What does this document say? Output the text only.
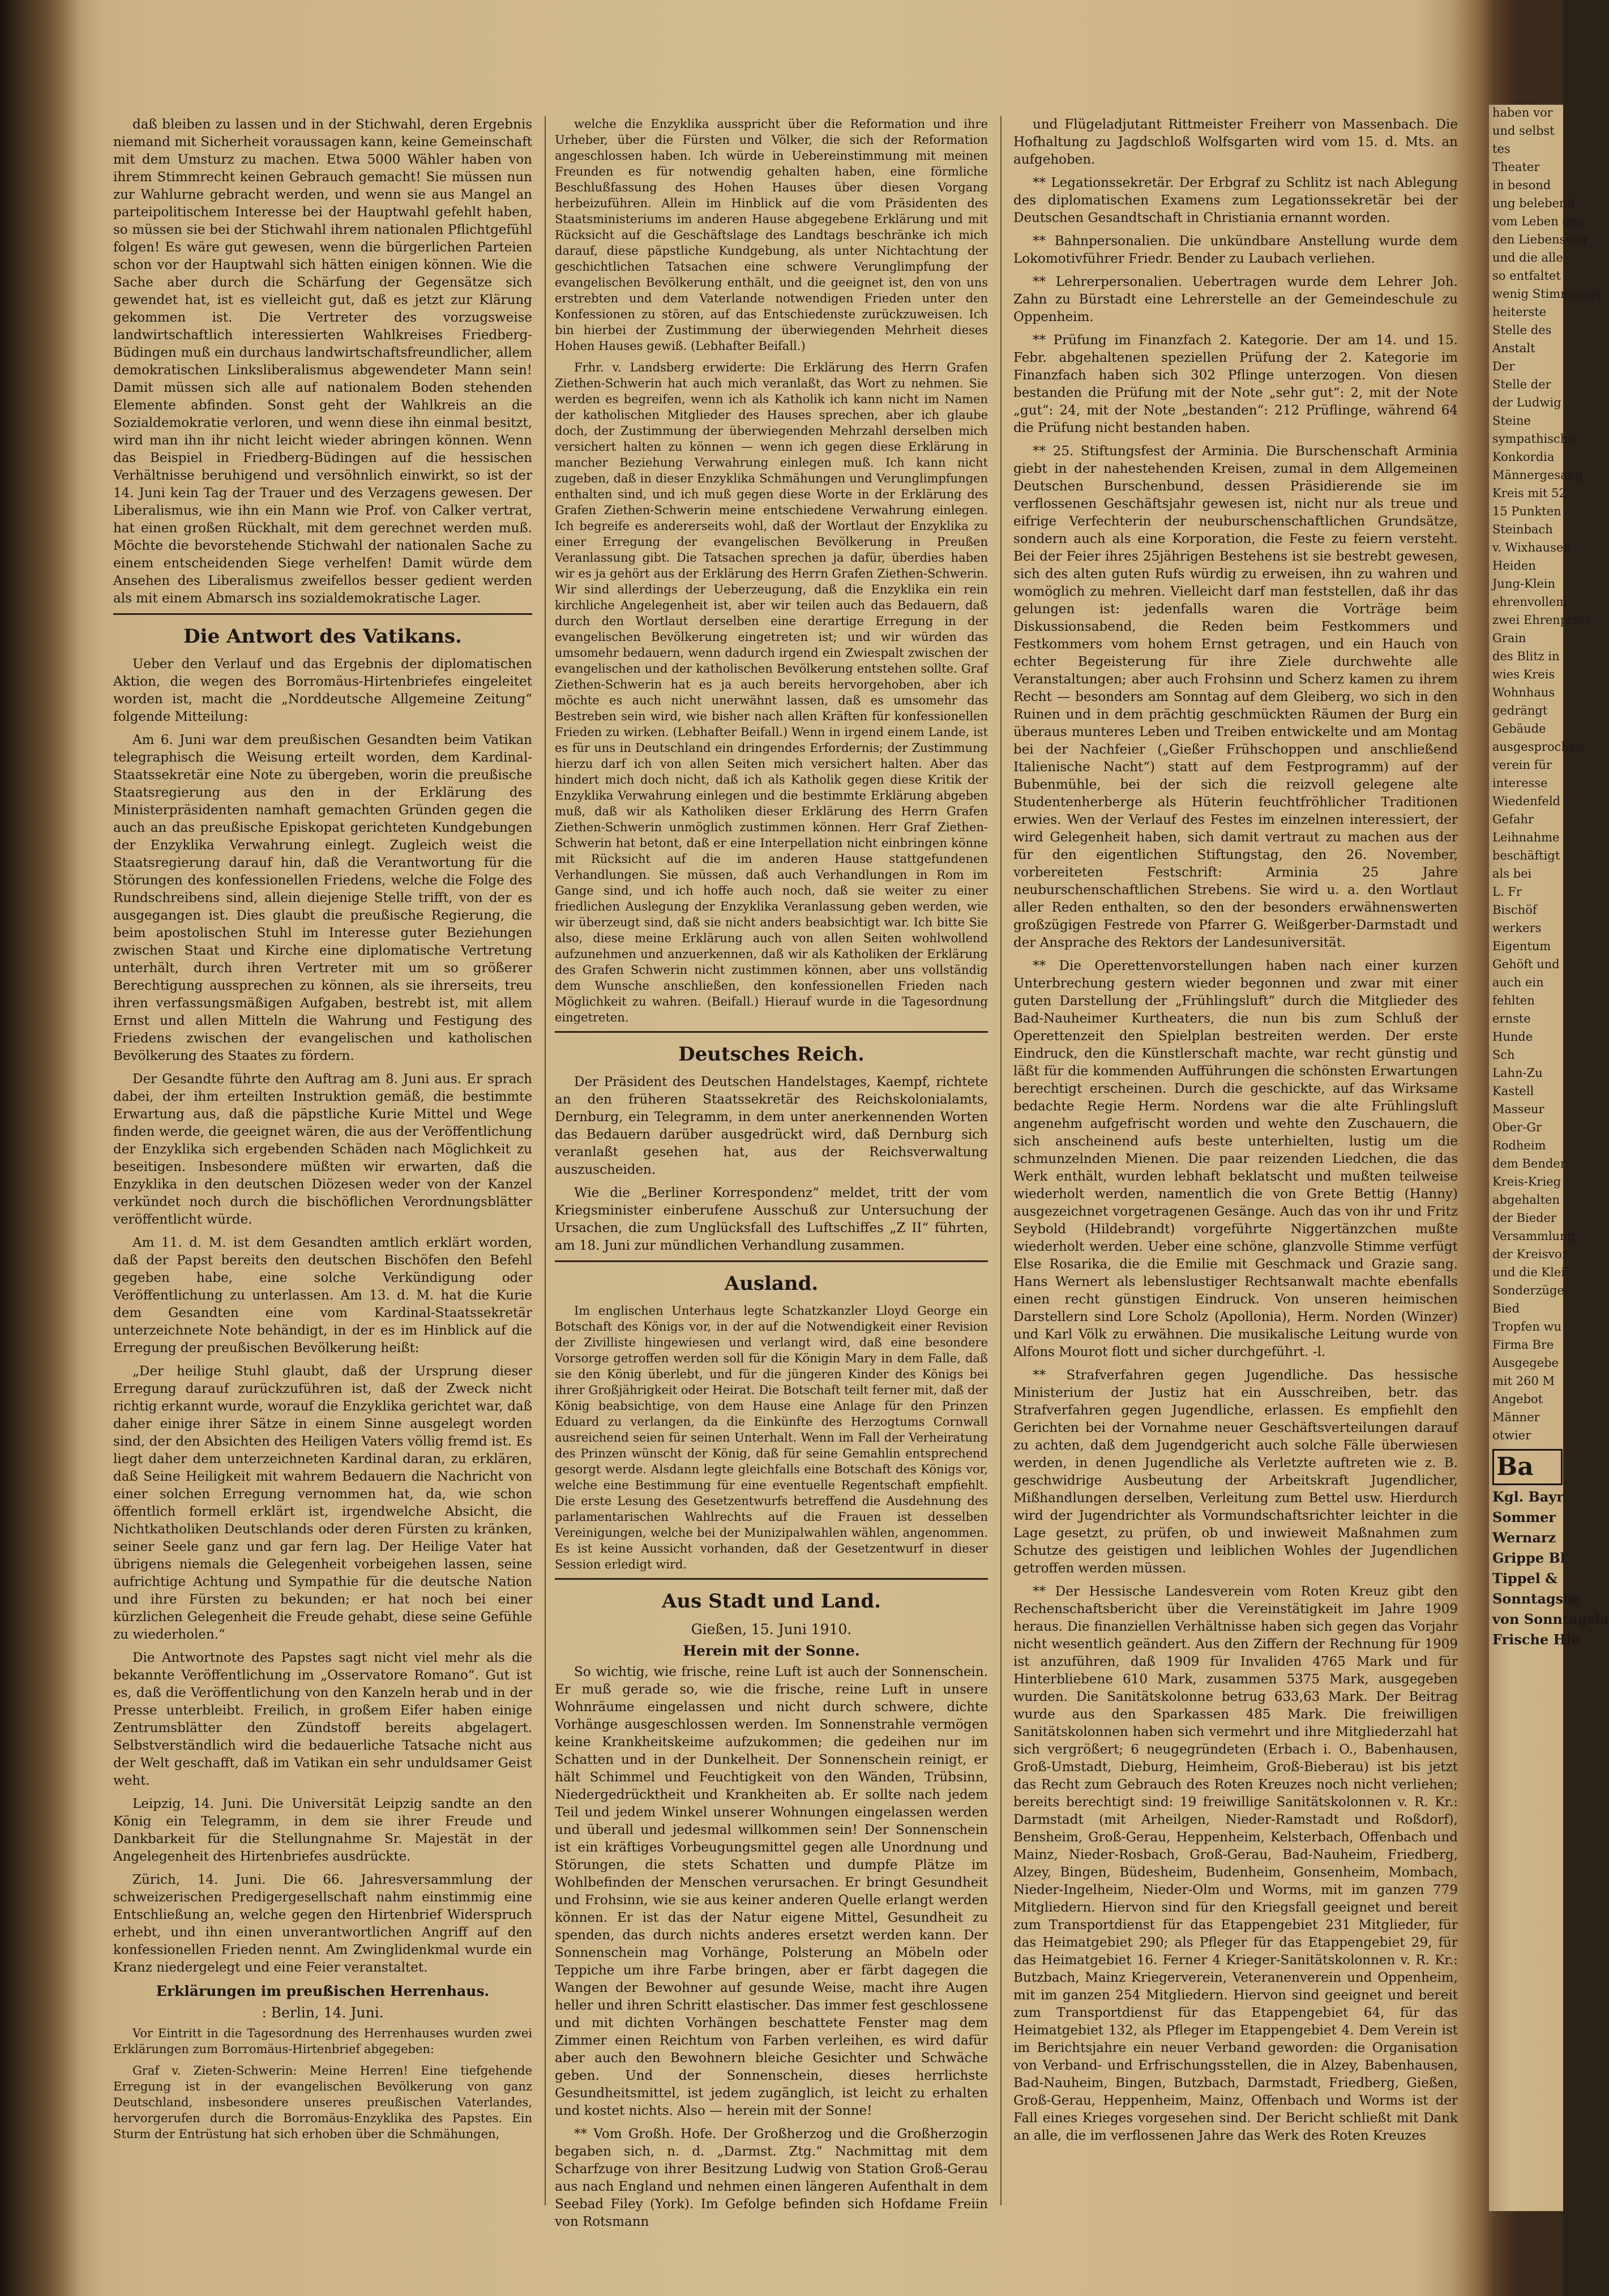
daß bleiben zu lassen und in der Stichwahl, deren Ergebnis niemand mit Sicherheit voraussagen kann, keine Gemeinschaft mit dem Umsturz zu machen. Etwa 5000 Wähler haben von ihrem Stimmrecht keinen Gebrauch gemacht! Sie müssen nun zur Wahlurne gebracht werden, und wenn sie aus Mangel an parteipolitischem Interesse bei der Hauptwahl gefehlt haben, so müssen sie bei der Stichwahl ihrem nationalen Pflichtgefühl folgen! Es wäre gut gewesen, wenn die bürgerlichen Parteien schon vor der Hauptwahl sich hätten einigen können. Wie die Sache aber durch die Schärfung der Gegensätze sich gewendet hat, ist es vielleicht gut, daß es jetzt zur Klärung gekommen ist. Die Vertreter des vorzugsweise landwirtschaftlich interessierten Wahlkreises Friedberg-Büdingen muß ein durchaus landwirtschaftsfreundlicher, allem demokratischen Linksliberalismus abgewendeter Mann sein! Damit müssen sich alle auf nationalem Boden stehenden Elemente abfinden. Sonst geht der Wahlkreis an die Sozialdemokratie verloren, und wenn diese ihn einmal besitzt, wird man ihn ihr nicht leicht wieder abringen können. Wenn das Beispiel in Friedberg-Büdingen auf die hessischen Verhältnisse beruhigend und versöhnlich einwirkt, so ist der 14. Juni kein Tag der Trauer und des Verzagens gewesen. Der Liberalismus, wie ihn ein Mann wie Prof. von Calker vertrat, hat einen großen Rückhalt, mit dem gerechnet werden muß. Möchte die bevorstehende Stichwahl der nationalen Sache zu einem entscheidenden Siege verhelfen! Damit würde dem Ansehen des Liberalismus zweifellos besser gedient werden als mit einem Abmarsch ins sozialdemokratische Lager.

Die Antwort des Vatikans.

Ueber den Verlauf und das Ergebnis der diplomatischen Aktion, die wegen des Borromäus-Hirtenbriefes eingeleitet worden ist, macht die „Norddeutsche Allgemeine Zeitung“ folgende Mitteilung:

Am 6. Juni war dem preußischen Gesandten beim Vatikan telegraphisch die Weisung erteilt worden, dem Kardinal-Staatssekretär eine Note zu übergeben, worin die preußische Staatsregierung aus den in der Erklärung des Ministerpräsidenten namhaft gemachten Gründen gegen die auch an das preußische Episkopat gerichteten Kundgebungen der Enzyklika Verwahrung einlegt. Zugleich weist die Staatsregierung darauf hin, daß die Verantwortung für die Störungen des konfessionellen Friedens, welche die Folge des Rundschreibens sind, allein diejenige Stelle trifft, von der es ausgegangen ist. Dies glaubt die preußische Regierung, die beim apostolischen Stuhl im Interesse guter Beziehungen zwischen Staat und Kirche eine diplomatische Vertretung unterhält, durch ihren Vertreter mit um so größerer Berechtigung aussprechen zu können, als sie ihrerseits, treu ihren verfassungsmäßigen Aufgaben, bestrebt ist, mit allem Ernst und allen Mitteln die Wahrung und Festigung des Friedens zwischen der evangelischen und katholischen Bevölkerung des Staates zu fördern.

Der Gesandte führte den Auftrag am 8. Juni aus. Er sprach dabei, der ihm erteilten Instruktion gemäß, die bestimmte Erwartung aus, daß die päpstliche Kurie Mittel und Wege finden werde, die geeignet wären, die aus der Veröffentlichung der Enzyklika sich ergebenden Schäden nach Möglichkeit zu beseitigen. Insbesondere müßten wir erwarten, daß die Enzyklika in den deutschen Diözesen weder von der Kanzel verkündet noch durch die bischöflichen Verordnungsblätter veröffentlicht würde.

Am 11. d. M. ist dem Gesandten amtlich erklärt worden, daß der Papst bereits den deutschen Bischöfen den Befehl gegeben habe, eine solche Verkündigung oder Veröffentlichung zu unterlassen. Am 13. d. M. hat die Kurie dem Gesandten eine vom Kardinal-Staatssekretär unterzeichnete Note behändigt, in der es im Hinblick auf die Erregung der preußischen Bevölkerung heißt:

„Der heilige Stuhl glaubt, daß der Ursprung dieser Erregung darauf zurückzuführen ist, daß der Zweck nicht richtig erkannt wurde, worauf die Enzyklika gerichtet war, daß daher einige ihrer Sätze in einem Sinne ausgelegt worden sind, der den Absichten des Heiligen Vaters völlig fremd ist. Es liegt daher dem unterzeichneten Kardinal daran, zu erklären, daß Seine Heiligkeit mit wahrem Bedauern die Nachricht von einer solchen Erregung vernommen hat, da, wie schon öffentlich formell erklärt ist, irgendwelche Absicht, die Nichtkatholiken Deutschlands oder deren Fürsten zu kränken, seiner Seele ganz und gar fern lag. Der Heilige Vater hat übrigens niemals die Gelegenheit vorbeigehen lassen, seine aufrichtige Achtung und Sympathie für die deutsche Nation und ihre Fürsten zu bekunden; er hat noch bei einer kürzlichen Gelegenheit die Freude gehabt, diese seine Gefühle zu wiederholen.“

Die Antwortnote des Papstes sagt nicht viel mehr als die bekannte Veröffentlichung im „Osservatore Romano“. Gut ist es, daß die Veröffentlichung von den Kanzeln herab und in der Presse unterbleibt. Freilich, in großem Eifer haben einige Zentrumsblätter den Zündstoff bereits abgelagert. Selbstverständlich wird die bedauerliche Tatsache nicht aus der Welt geschafft, daß im Vatikan ein sehr unduldsamer Geist weht.

Leipzig, 14. Juni. Die Universität Leipzig sandte an den König ein Telegramm, in dem sie ihrer Freude und Dankbarkeit für die Stellungnahme Sr. Majestät in der Angelegenheit des Hirtenbriefes ausdrückte.

Zürich, 14. Juni. Die 66. Jahresversammlung der schweizerischen Predigergesellschaft nahm einstimmig eine Entschließung an, welche gegen den Hirtenbrief Widerspruch erhebt, und ihn einen unverantwortlichen Angriff auf den konfessionellen Frieden nennt. Am Zwinglidenkmal wurde ein Kranz niedergelegt und eine Feier veranstaltet.

Erklärungen im preußischen Herrenhaus.
: Berlin, 14. Juni.

Vor Eintritt in die Tagesordnung des Herrenhauses wurden zwei Erklärungen zum Borromäus-Hirtenbrief abgegeben:

Graf v. Zieten-Schwerin: Meine Herren! Eine tiefgehende Erregung ist in der evangelischen Bevölkerung von ganz Deutschland, insbesondere unseres preußischen Vaterlandes, hervorgerufen durch die Borromäus-Enzyklika des Papstes. Ein Sturm der Entrüstung hat sich erhoben über die Schmähungen,

welche die Enzyklika ausspricht über die Reformation und ihre Urheber, über die Fürsten und Völker, die sich der Reformation angeschlossen haben. Ich würde in Uebereinstimmung mit meinen Freunden es für notwendig gehalten haben, eine förmliche Beschlußfassung des Hohen Hauses über diesen Vorgang herbeizuführen. Allein im Hinblick auf die vom Präsidenten des Staatsministeriums im anderen Hause abgegebene Erklärung und mit Rücksicht auf die Geschäftslage des Landtags beschränke ich mich darauf, diese päpstliche Kundgebung, als unter Nichtachtung der geschichtlichen Tatsachen eine schwere Verunglimpfung der evangelischen Bevölkerung enthält, und die geeignet ist, den von uns erstrebten und dem Vaterlande notwendigen Frieden unter den Konfessionen zu stören, auf das Entschiedenste zurückzuweisen. Ich bin hierbei der Zustimmung der überwiegenden Mehrheit dieses Hohen Hauses gewiß. (Lebhafter Beifall.)

Frhr. v. Landsberg erwiderte: Die Erklärung des Herrn Grafen Ziethen-Schwerin hat auch mich veranlaßt, das Wort zu nehmen. Sie werden es begreifen, wenn ich als Katholik ich kann nicht im Namen der katholischen Mitglieder des Hauses sprechen, aber ich glaube doch, der Zustimmung der überwiegenden Mehrzahl derselben mich versichert halten zu können — wenn ich gegen diese Erklärung in mancher Beziehung Verwahrung einlegen muß. Ich kann nicht zugeben, daß in dieser Enzyklika Schmähungen und Verunglimpfungen enthalten sind, und ich muß gegen diese Worte in der Erklärung des Grafen Ziethen-Schwerin meine entschiedene Verwahrung einlegen. Ich begreife es andererseits wohl, daß der Wortlaut der Enzyklika zu einer Erregung der evangelischen Bevölkerung in Preußen Veranlassung gibt. Die Tatsachen sprechen ja dafür, überdies haben wir es ja gehört aus der Erklärung des Herrn Grafen Ziethen-Schwerin. Wir sind allerdings der Ueberzeugung, daß die Enzyklika ein rein kirchliche Angelegenheit ist, aber wir teilen auch das Bedauern, daß durch den Wortlaut derselben eine derartige Erregung in der evangelischen Bevölkerung eingetreten ist; und wir würden das umsomehr bedauern, wenn dadurch irgend ein Zwiespalt zwischen der evangelischen und der katholischen Bevölkerung entstehen sollte. Graf Ziethen-Schwerin hat es ja auch bereits hervorgehoben, aber ich möchte es auch nicht unerwähnt lassen, daß es umsomehr das Bestreben sein wird, wie bisher nach allen Kräften für konfessionellen Frieden zu wirken. (Lebhafter Beifall.) Wenn in irgend einem Lande, ist es für uns in Deutschland ein dringendes Erfordernis; der Zustimmung hierzu darf ich von allen Seiten mich versichert halten. Aber das hindert mich doch nicht, daß ich als Katholik gegen diese Kritik der Enzyklika Verwahrung einlegen und die bestimmte Erklärung abgeben muß, daß wir als Katholiken dieser Erklärung des Herrn Grafen Ziethen-Schwerin unmöglich zustimmen können. Herr Graf Ziethen-Schwerin hat betont, daß er eine Interpellation nicht einbringen könne mit Rücksicht auf die im anderen Hause stattgefundenen Verhandlungen. Sie müssen, daß auch Verhandlungen in Rom im Gange sind, und ich hoffe auch noch, daß sie weiter zu einer friedlichen Auslegung der Enzyklika Veranlassung geben werden, wie wir überzeugt sind, daß sie nicht anders beabsichtigt war. Ich bitte Sie also, diese meine Erklärung auch von allen Seiten wohlwollend aufzunehmen und anzuerkennen, daß wir als Katholiken der Erklärung des Grafen Schwerin nicht zustimmen können, aber uns vollständig dem Wunsche anschließen, den konfessionellen Frieden nach Möglichkeit zu wahren. (Beifall.) Hierauf wurde in die Tagesordnung eingetreten.

Deutsches Reich.

Der Präsident des Deutschen Handelstages, Kaempf, richtete an den früheren Staatssekretär des Reichskolonialamts, Dernburg, ein Telegramm, in dem unter anerkennenden Worten das Bedauern darüber ausgedrückt wird, daß Dernburg sich veranlaßt gesehen hat, aus der Reichsverwaltung auszuscheiden.

Wie die „Berliner Korrespondenz“ meldet, tritt der vom Kriegsminister einberufene Ausschuß zur Untersuchung der Ursachen, die zum Unglücksfall des Luftschiffes „Z II“ führten, am 18. Juni zur mündlichen Verhandlung zusammen.

Ausland.

Im englischen Unterhaus legte Schatzkanzler Lloyd George ein Botschaft des Königs vor, in der auf die Notwendigkeit einer Revision der Zivilliste hingewiesen und verlangt wird, daß eine besondere Vorsorge getroffen werden soll für die Königin Mary in dem Falle, daß sie den König überlebt, und für die jüngeren Kinder des Königs bei ihrer Großjährigkeit oder Heirat. Die Botschaft teilt ferner mit, daß der König beabsichtige, von dem Hause eine Anlage für den Prinzen Eduard zu verlangen, da die Einkünfte des Herzogtums Cornwall ausreichend seien für seinen Unterhalt. Wenn im Fall der Verheiratung des Prinzen wünscht der König, daß für seine Gemahlin entsprechend gesorgt werde. Alsdann legte gleichfalls eine Botschaft des Königs vor, welche eine Bestimmung für eine eventuelle Regentschaft empfiehlt. Die erste Lesung des Gesetzentwurfs betreffend die Ausdehnung des parlamentarischen Wahlrechts auf die Frauen ist desselben Vereinigungen, welche bei der Munizipalwahlen wählen, angenommen. Es ist keine Aussicht vorhanden, daß der Gesetzentwurf in dieser Session erledigt wird.

Aus Stadt und Land.
Gießen, 15. Juni 1910.
Herein mit der Sonne.

So wichtig, wie frische, reine Luft ist auch der Sonnenschein. Er muß gerade so, wie die frische, reine Luft in unsere Wohnräume eingelassen und nicht durch schwere, dichte Vorhänge ausgeschlossen werden. Im Sonnenstrahle vermögen keine Krankheitskeime aufzukommen; die gedeihen nur im Schatten und in der Dunkelheit. Der Sonnenschein reinigt, er hält Schimmel und Feuchtigkeit von den Wänden, Trübsinn, Niedergedrücktheit und Krankheiten ab. Er sollte nach jedem Teil und jedem Winkel unserer Wohnungen eingelassen werden und überall und jedesmal willkommen sein! Der Sonnenschein ist ein kräftiges Vorbeugungsmittel gegen alle Unordnung und Störungen, die stets Schatten und dumpfe Plätze im Wohlbefinden der Menschen verursachen. Er bringt Gesundheit und Frohsinn, wie sie aus keiner anderen Quelle erlangt werden können. Er ist das der Natur eigene Mittel, Gesundheit zu spenden, das durch nichts anderes ersetzt werden kann. Der Sonnenschein mag Vorhänge, Polsterung an Möbeln oder Teppiche um ihre Farbe bringen, aber er färbt dagegen die Wangen der Bewohner auf gesunde Weise, macht ihre Augen heller und ihren Schritt elastischer. Das immer fest geschlossene und mit dichten Vorhängen beschattete Fenster mag dem Zimmer einen Reichtum von Farben verleihen, es wird dafür aber auch den Bewohnern bleiche Gesichter und Schwäche geben. Und der Sonnenschein, dieses herrlichste Gesundheitsmittel, ist jedem zugänglich, ist leicht zu erhalten und kostet nichts. Also — herein mit der Sonne!

** Vom Großh. Hofe. Der Großherzog und die Großherzogin begaben sich, n. d. „Darmst. Ztg.“ Nachmittag mit dem Scharfzuge von ihrer Besitzung Ludwig von Station Groß-Gerau aus nach England und nehmen einen längeren Aufenthalt in dem Seebad Filey (York). Im Gefolge befinden sich Hofdame Freiin von Rotsmann

und Flügeladjutant Rittmeister Freiherr von Massenbach. Die Hofhaltung zu Jagdschloß Wolfsgarten wird vom 15. d. Mts. an aufgehoben.

** Legationssekretär. Der Erbgraf zu Schlitz ist nach Ablegung des diplomatischen Examens zum Legationssekretär bei der Deutschen Gesandtschaft in Christiania ernannt worden.

** Bahnpersonalien. Die unkündbare Anstellung wurde dem Lokomotivführer Friedr. Bender zu Laubach verliehen.

** Lehrerpersonalien. Uebertragen wurde dem Lehrer Joh. Zahn zu Bürstadt eine Lehrerstelle an der Gemeindeschule zu Oppenheim.

** Prüfung im Finanzfach 2. Kategorie. Der am 14. und 15. Febr. abgehaltenen speziellen Prüfung der 2. Kategorie im Finanzfach haben sich 302 Pflinge unterzogen. Von diesen bestanden die Prüfung mit der Note „sehr gut“: 2, mit der Note „gut“: 24, mit der Note „bestanden“: 212 Prüflinge, während 64 die Prüfung nicht bestanden haben.

** 25. Stiftungsfest der Arminia. Die Burschenschaft Arminia giebt in der nahestehenden Kreisen, zumal in dem Allgemeinen Deutschen Burschenbund, dessen Präsidierende sie im verflossenen Geschäftsjahr gewesen ist, nicht nur als treue und eifrige Verfechterin der neuburschenschaftlichen Grundsätze, sondern auch als eine Korporation, die Feste zu feiern versteht. Bei der Feier ihres 25jährigen Bestehens ist sie bestrebt gewesen, sich des alten guten Rufs würdig zu erweisen, ihn zu wahren und womöglich zu mehren. Vielleicht darf man feststellen, daß ihr das gelungen ist: jedenfalls waren die Vorträge beim Diskussionsabend, die Reden beim Festkommers und Festkommers vom hohem Ernst getragen, und ein Hauch von echter Begeisterung für ihre Ziele durchwehte alle Veranstaltungen; aber auch Frohsinn und Scherz kamen zu ihrem Recht — besonders am Sonntag auf dem Gleiberg, wo sich in den Ruinen und in dem prächtig geschmückten Räumen der Burg ein überaus munteres Leben und Treiben entwickelte und am Montag bei der Nachfeier („Gießer Frühschoppen und anschließend Italienische Nacht“) statt auf dem Festprogramm) auf der Bubenmühle, bei der sich die reizvoll gelegene alte Studentenherberge als Hüterin feuchtfröhlicher Traditionen erwies. Wen der Verlauf des Festes im einzelnen interessiert, der wird Gelegenheit haben, sich damit vertraut zu machen aus der für den eigentlichen Stiftungstag, den 26. November, vorbereiteten Festschrift: Arminia 25 Jahre neuburschenschaftlichen Strebens. Sie wird u. a. den Wortlaut aller Reden enthalten, so den der besonders erwähnenswerten großzügigen Festrede von Pfarrer G. Weißgerber-Darmstadt und der Ansprache des Rektors der Landesuniversität.

** Die Operettenvorstellungen haben nach einer kurzen Unterbrechung gestern wieder begonnen und zwar mit einer guten Darstellung der „Frühlingsluft“ durch die Mitglieder des Bad-Nauheimer Kurtheaters, die nun bis zum Schluß der Operettenzeit den Spielplan bestreiten werden. Der erste Eindruck, den die Künstlerschaft machte, war recht günstig und läßt für die kommenden Aufführungen die schönsten Erwartungen berechtigt erscheinen. Durch die geschickte, auf das Wirksame bedachte Regie Herm. Nordens war die alte Frühlingsluft angenehm aufgefrischt worden und wehte den Zuschauern, die sich anscheinend aufs beste unterhielten, lustig um die schmunzelnden Mienen. Die paar reizenden Liedchen, die das Werk enthält, wurden lebhaft beklatscht und mußten teilweise wiederholt werden, namentlich die von Grete Bettig (Hanny) ausgezeichnet vorgetragenen Gesänge. Auch das von ihr und Fritz Seybold (Hildebrandt) vorgeführte Niggertänzchen mußte wiederholt werden. Ueber eine schöne, glanzvolle Stimme verfügt Else Rosarika, die die Emilie mit Geschmack und Grazie sang. Hans Wernert als lebenslustiger Rechtsanwalt machte ebenfalls einen recht günstigen Eindruck. Von unseren heimischen Darstellern sind Lore Scholz (Apollonia), Herm. Norden (Winzer) und Karl Völk zu erwähnen. Die musikalische Leitung wurde von Alfons Mourot flott und sicher durchgeführt. -l.

** Strafverfahren gegen Jugendliche. Das hessische Ministerium der Justiz hat ein Ausschreiben, betr. das Strafverfahren gegen Jugendliche, erlassen. Es empfiehlt den Gerichten bei der Vornahme neuer Geschäftsverteilungen darauf zu achten, daß dem Jugendgericht auch solche Fälle überwiesen werden, in denen Jugendliche als Verletzte auftreten wie z. B. geschwidrige Ausbeutung der Arbeitskraft Jugendlicher, Mißhandlungen derselben, Verleitung zum Bettel usw. Hierdurch wird der Jugendrichter als Vormundschaftsrichter leichter in die Lage gesetzt, zu prüfen, ob und inwieweit Maßnahmen zum Schutze des geistigen und leiblichen Wohles der Jugendlichen getroffen werden müssen.

** Der Hessische Landesverein vom Roten Kreuz gibt den Rechenschaftsbericht über die Vereinstätigkeit im Jahre 1909 heraus. Die finanziellen Verhältnisse haben sich gegen das Vorjahr nicht wesentlich geändert. Aus den Ziffern der Rechnung für 1909 ist anzuführen, daß 1909 für Invaliden 4765 Mark und für Hinterbliebene 610 Mark, zusammen 5375 Mark, ausgegeben wurden. Die Sanitätskolonne betrug 633,63 Mark. Der Beitrag wurde aus den Sparkassen 485 Mark. Die freiwilligen Sanitätskolonnen haben sich vermehrt und ihre Mitgliederzahl hat sich vergrößert; 6 neugegründeten (Erbach i. O., Babenhausen, Groß-Umstadt, Dieburg, Heimheim, Groß-Bieberau) ist bis jetzt das Recht zum Gebrauch des Roten Kreuzes noch nicht verliehen; bereits berechtigt sind: 19 freiwillige Sanitätskolonnen v. R. Kr.: Darmstadt (mit Arheilgen, Nieder-Ramstadt und Roßdorf), Bensheim, Groß-Gerau, Heppenheim, Kelsterbach, Offenbach und Mainz, Nieder-Rosbach, Groß-Gerau, Bad-Nauheim, Friedberg, Alzey, Bingen, Büdesheim, Budenheim, Gonsenheim, Mombach, Nieder-Ingelheim, Nieder-Olm und Worms, mit im ganzen 779 Mitgliedern. Hiervon sind für den Kriegsfall geeignet und bereit zum Transportdienst für das Etappengebiet 231 Mitglieder, für das Heimatgebiet 290; als Pfleger für das Etappengebiet 29, für das Heimatgebiet 16. Ferner 4 Krieger-Sanitätskolonnen v. R. Kr.: Butzbach, Mainz Kriegerverein, Veteranenverein und Oppenheim, mit im ganzen 254 Mitgliedern. Hiervon sind geeignet und bereit zum Transportdienst für das Etappengebiet 64, für das Heimatgebiet 132, als Pfleger im Etappengebiet 4. Dem Verein ist im Berichtsjahre ein neuer Verband geworden: die Organisation von Verband- und Erfrischungsstellen, die in Alzey, Babenhausen, Bad-Nauheim, Bingen, Butzbach, Darmstadt, Friedberg, Gießen, Groß-Gerau, Heppenheim, Mainz, Offenbach und Worms ist der Fall eines Krieges vorgesehen sind. Der Bericht schließt mit Dank an alle, die im verflossenen Jahre das Werk des Roten Kreuzes

haben vor

und selbst

tes

Theater

in besond

ung belebend

vom Leben gen

den Liebenswer

und die alle

so entfaltet

wenig Stimmungs

heiterste

Stelle des

Anstalt

Der

Stelle der

der Ludwig

Steine

sympathische

Konkordia

Männergesang

Kreis mit 52

15 Punkten

Steinbach

v. Wixhausen

Heiden

Jung-Klein

ehrenvollem

zwei Ehrenpreis

Grain

des Blitz in

wies Kreis

Wohnhaus

gedrängt

Gebäude

ausgesprochen

verein für

interesse

Wiedenfeld

Gefahr

Leihnahme

beschäftigt

als bei

L. Fr

Bischöf

werkers

Eigentum

Gehöft und

auch ein

fehlten

ernste

Hunde

Sch

Lahn-Zu

Kastell

Masseur

Ober-Gr

Rodheim

dem Bender

Kreis-Krieg

abgehalten

der Bieder

Versammlung

der Kreisvor

und die Klei

Sonderzüge

Bied

Tropfen wu

Firma Bre

Ausgegebe

mit 260 M

Angebot

Männer

otwier

Ba

Kgl. Bayr

Sommer

Wernarz

Grippe Bl

Tippel &

Sonntagsbe

von Sonntagsla

Frische Hie
